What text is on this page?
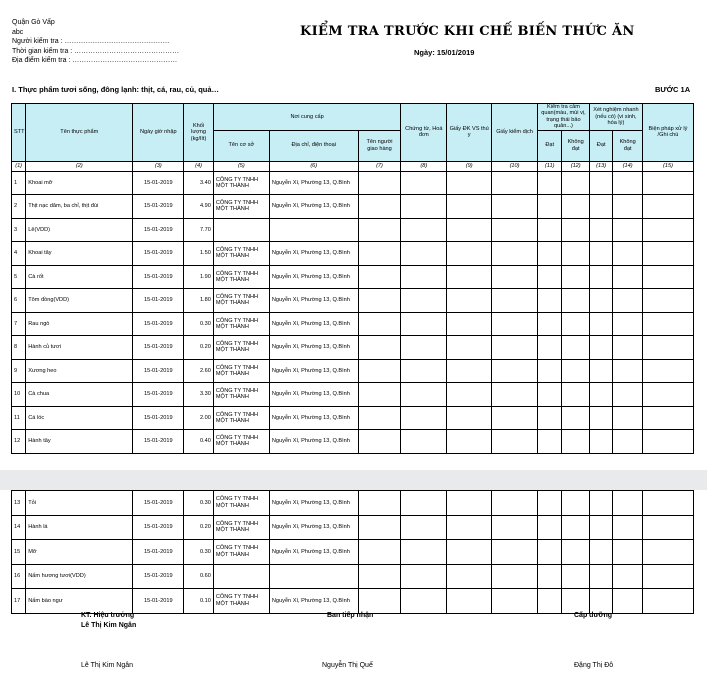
Quận Gò Vấp
abc
Người kiểm tra : ………………………………………
Thời gian kiểm tra : ………………………………………
Địa điểm kiểm tra : ………………………………………
KIỂM TRA TRƯỚC KHI CHẾ BIẾN THỨC ĂN
Ngày: 15/01/2019
I. Thực phẩm tươi sống, đông lạnh: thịt, cá, rau, củ, quả…	BƯỚC 1A
STT	Tên thực phẩm	Ngày giờ nhập	Khối lượng (kg/lít)	Nơi cung cấp			Chứng từ, Hoá đơn	Giấy ĐK VS thú y	Giấy kiểm dịch	Kiểm tra cảm quan(màu, mùi vị, trạng thái bảo quản...)		Xét nghiệm nhanh (nếu có) (vi sinh, hóa lý)		Biện pháp xử lý /Ghi chú
				Tên cơ sở	Địa chỉ, điện thoại	Tên người giao hàng				Đạt	Không đạt	Đạt	Không đạt	
(1)	(2)	(3)	(4)	(5)	(6)	(7)	(8)	(9)	(10)	(11)	(12)	(13)	(14)	(15)
1	Khoai mỡ	15-01-2019	3.40	CÔNG TY TNHH MỘT THÀNH	Nguyễn Xí, Phường 13, Q.Bình									
2	Thịt nạc dăm, ba chỉ, thịt đùi	15-01-2019	4.90	CÔNG TY TNHH MỘT THÀNH	Nguyễn Xí, Phường 13, Q.Bình									
3	Lê(VDD)	15-01-2019	7.70											
4	Khoai tây	15-01-2019	1.50	CÔNG TY TNHH MỘT THÀNH	Nguyễn Xí, Phường 13, Q.Bình									
5	Cà rốt	15-01-2019	1.90	CÔNG TY TNHH MỘT THÀNH	Nguyễn Xí, Phường 13, Q.Bình									
6	Tôm đồng(VDD)	15-01-2019	1.80	CÔNG TY TNHH MỘT THÀNH	Nguyễn Xí, Phường 13, Q.Bình									
7	Rau ngò	15-01-2019	0.30	CÔNG TY TNHH MỘT THÀNH	Nguyễn Xí, Phường 13, Q.Bình									
8	Hành củ tươi	15-01-2019	0.20	CÔNG TY TNHH MỘT THÀNH	Nguyễn Xí, Phường 13, Q.Bình									
9	Xương heo	15-01-2019	2.60	CÔNG TY TNHH MỘT THÀNH	Nguyễn Xí, Phường 13, Q.Bình									
10	Cà chua	15-01-2019	3.30	CÔNG TY TNHH MỘT THÀNH	Nguyễn Xí, Phường 13, Q.Bình									
11	Cá lóc	15-01-2019	2.00	CÔNG TY TNHH MỘT THÀNH	Nguyễn Xí, Phường 13, Q.Bình									
12	Hành tây	15-01-2019	0.40	CÔNG TY TNHH MỘT THÀNH	Nguyễn Xí, Phường 13, Q.Bình									
13	Tỏi	15-01-2019	0.30	CÔNG TY TNHH MỘT THÀNH	Nguyễn Xí, Phường 13, Q.Bình									
14	Hành lá	15-01-2019	0.20	CÔNG TY TNHH MỘT THÀNH	Nguyễn Xí, Phường 13, Q.Bình									
15	Mỡ	15-01-2019	0.30	CÔNG TY TNHH MỘT THÀNH	Nguyễn Xí, Phường 13, Q.Bình									
16	Nấm hương tươi(VDD)	15-01-2019	0.60											
17	Nấm bào ngư	15-01-2019	0.10	CÔNG TY TNHH MỘT THÀNH	Nguyễn Xí, Phường 13, Q.Bình									
KT. Hiệu trưởng
Lê Thị Kim Ngân
Ban tiếp nhận	Cấp dưỡng
Lê Thị Kim Ngân	Nguyễn Thị Quế	Đặng Thị Đô
